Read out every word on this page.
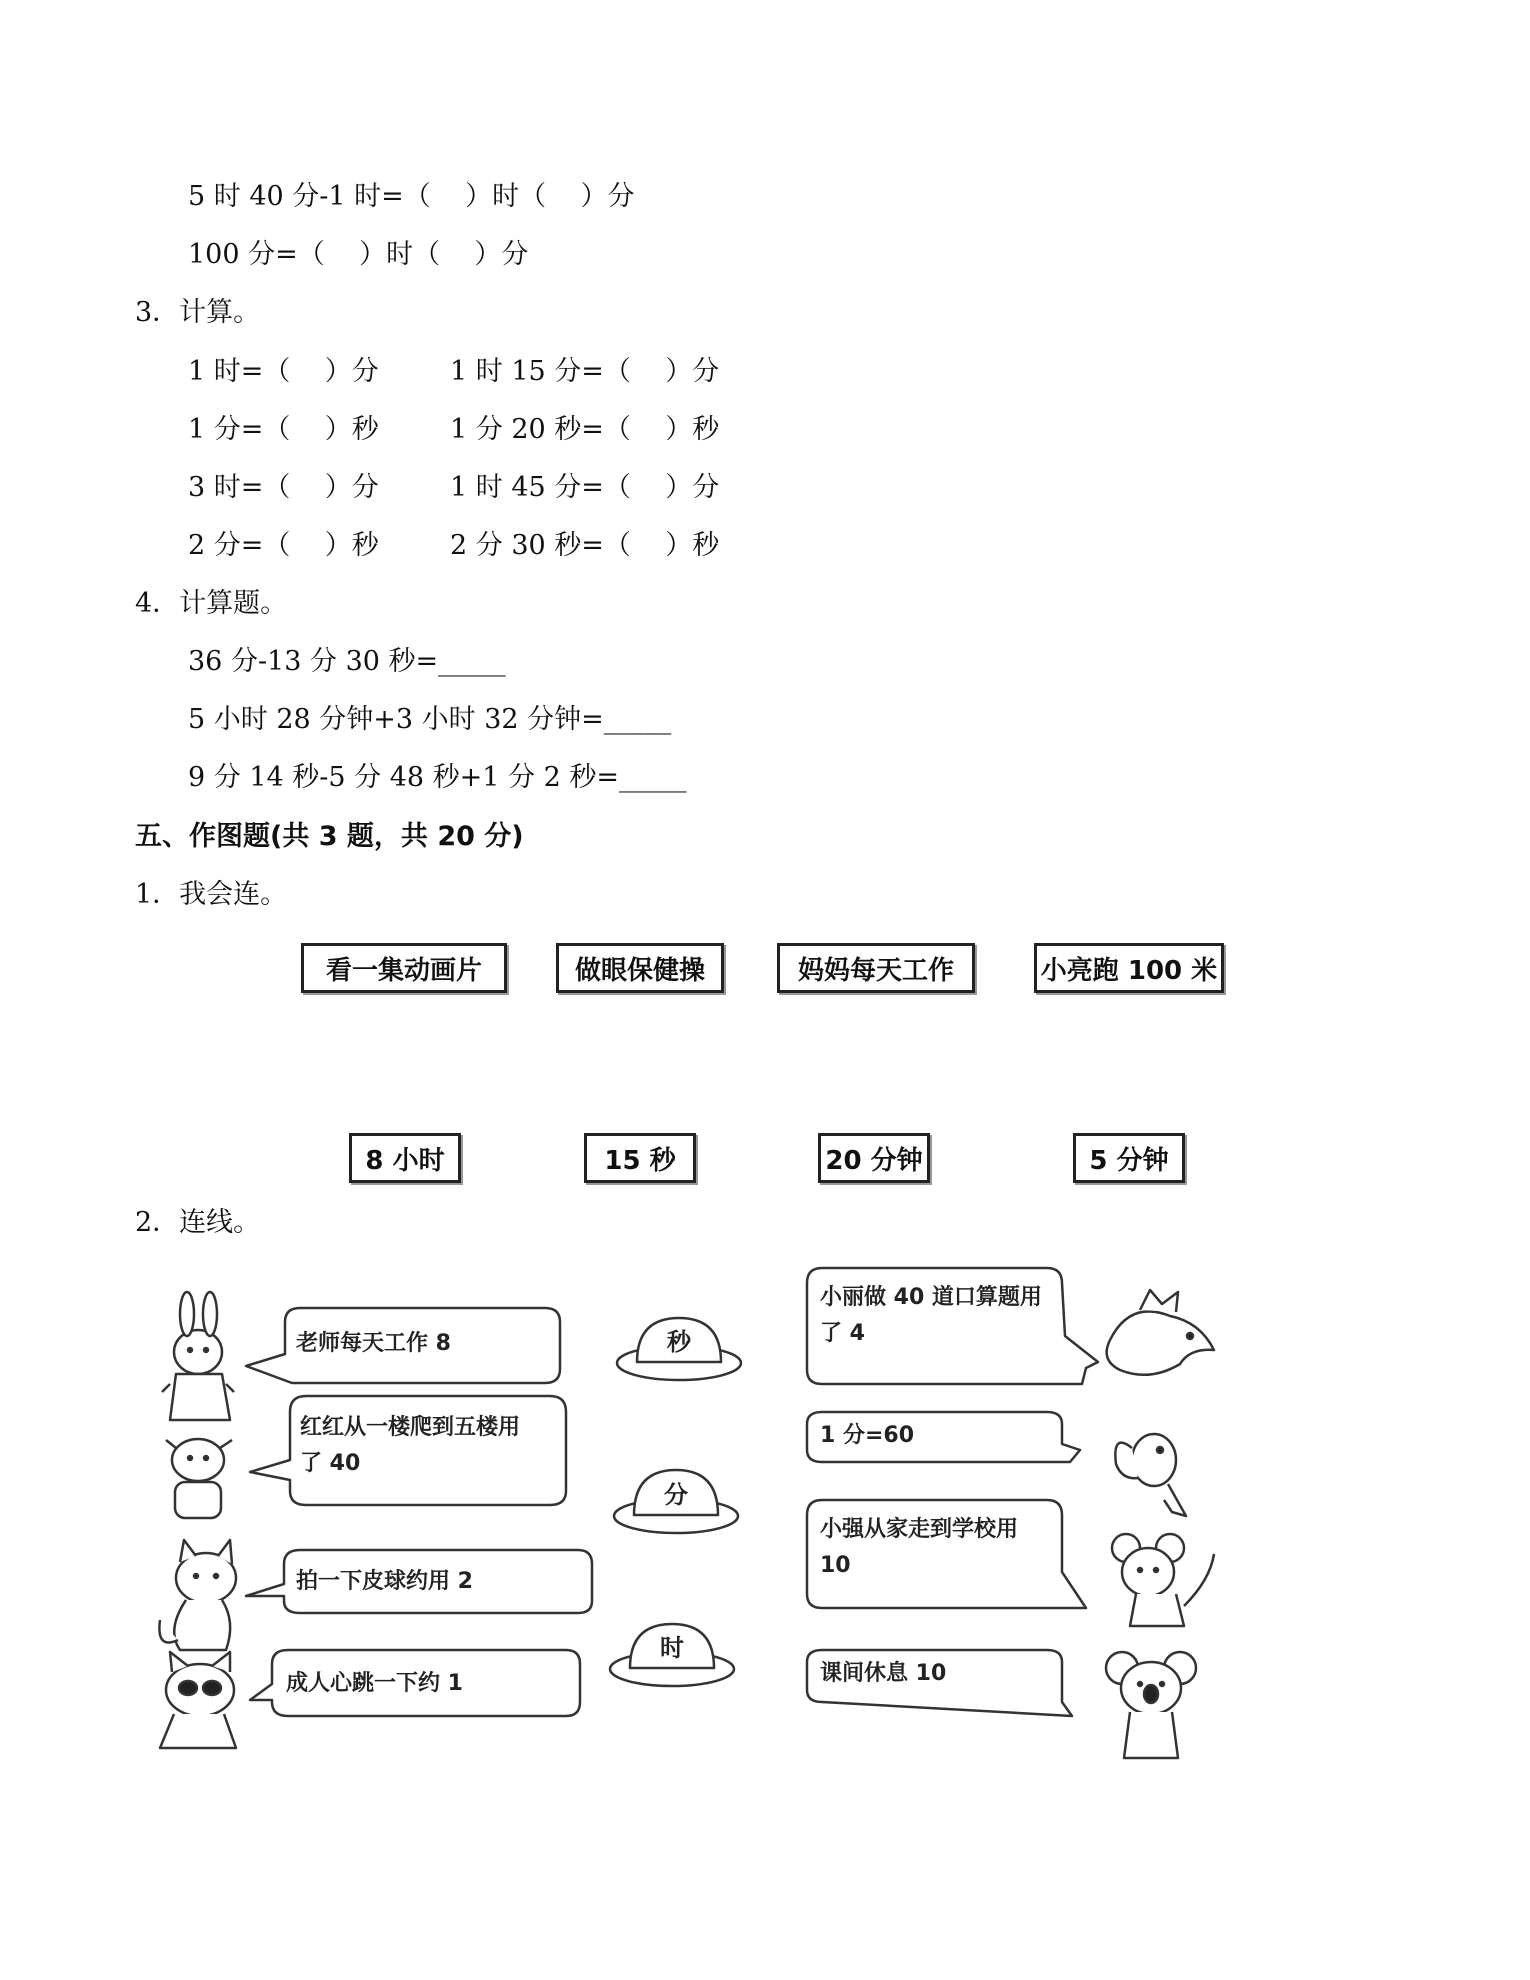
5 时 40 分-1 时=（    ）时（    ）分
100 分=（    ）时（    ）分
3．计算。
1 时=（    ）分	1 时 15 分=（    ）分
1 分=（    ）秒	1 分 20 秒=（    ）秒
3 时=（    ）分	1 时 45 分=（    ）分
2 分=（    ）秒	2 分 30 秒=（    ）秒
4．计算题。
36 分-13 分 30 秒=_____
5 小时 28 分钟+3 小时 32 分钟=_____
9 分 14 秒-5 分 48 秒+1 分 2 秒=_____
五、作图题(共 3 题，共 20 分)
1．我会连。
看一集动画片	做眼保健操	妈妈每天工作	小亮跑 100 米
8 小时	15 秒	20 分钟	5 分钟
2．连线。
秒
分
时
老师每天工作 8
红红从一楼爬到五楼用
了 40
拍一下皮球约用 2
成人心跳一下约 1
小丽做 40 道口算题用
了 4
1 分=60
小强从家走到学校用
10
课间休息 10
